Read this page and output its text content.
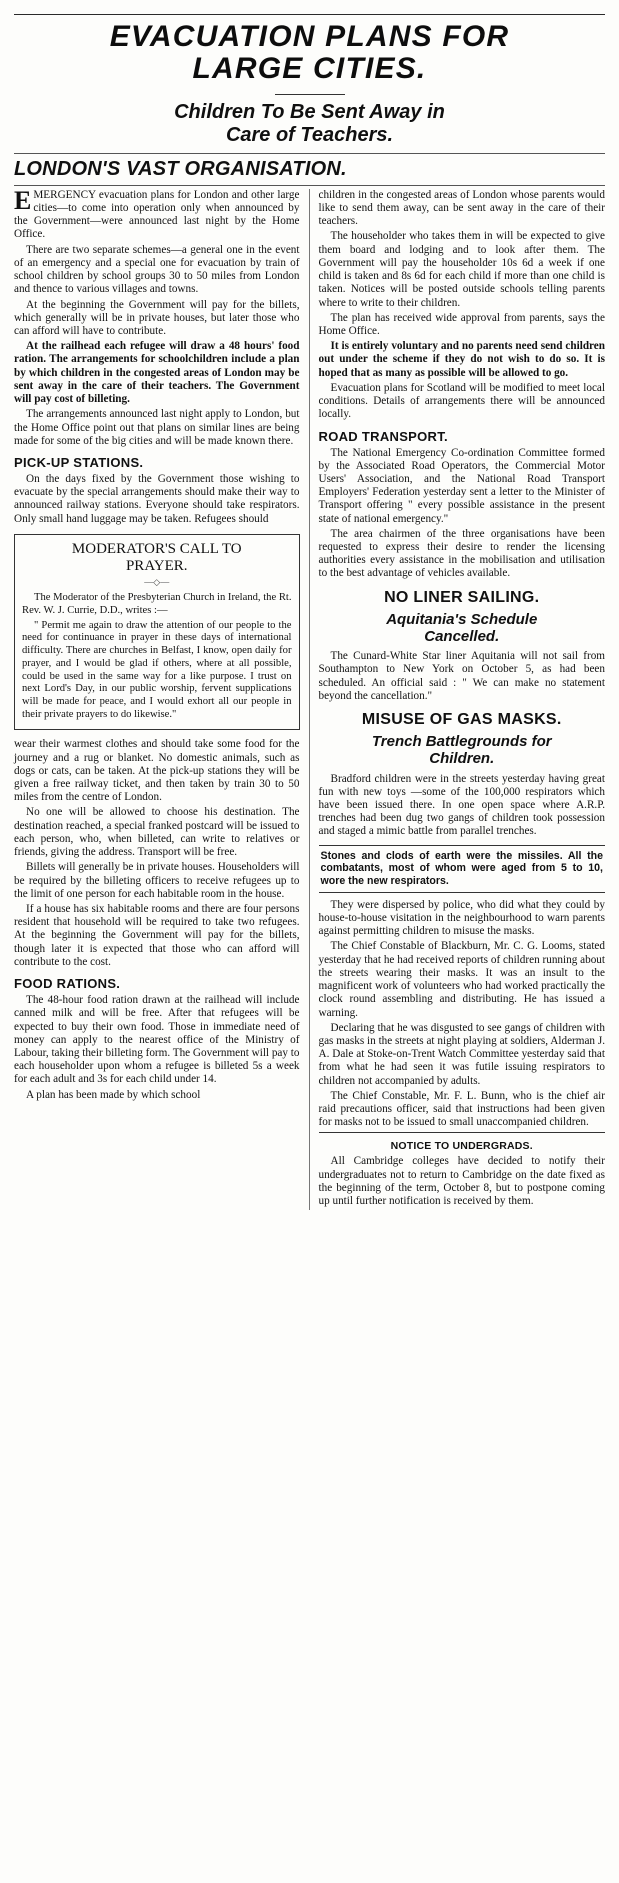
EVACUATION PLANS FOR
LARGE CITIES.
Children To Be Sent Away in
Care of Teachers.
LONDON'S VAST ORGANISATION.

EMERGENCY evacuation plans for London and other large cities—to come into operation only when announced by the Government—were announced last night by the Home Office.

There are two separate schemes—a general one in the event of an emergency and a special one for evacuation by train of school children by school groups 30 to 50 miles from London and thence to various villages and towns.

At the beginning the Government will pay for the billets, which generally will be in private houses, but later those who can afford will have to contribute.

At the railhead each refugee will draw a 48 hours' food ration. The arrangements for schoolchildren include a plan by which children in the congested areas of London may be sent away in the care of their teachers. The Government will pay cost of billeting.

The arrangements announced last night apply to London, but the Home Office point out that plans on similar lines are being made for some of the big cities and will be made known there.

PICK-UP STATIONS.

On the days fixed by the Government those wishing to evacuate by the special arrangements should make their way to announced railway stations. Everyone should take respirators. Only small hand luggage may be taken. Refugees should

MODERATOR'S CALL TO
PRAYER.
—◇—

The Moderator of the Presbyterian Church in Ireland, the Rt. Rev. W. J. Currie, D.D., writes :—

" Permit me again to draw the attention of our people to the need for continuance in prayer in these days of international difficulty. There are churches in Belfast, I know, open daily for prayer, and I would be glad if others, where at all possible, could be used in the same way for a like purpose. I trust on next Lord's Day, in our public worship, fervent supplications will be made for peace, and I would exhort all our people in their private prayers to do likewise."

wear their warmest clothes and should take some food for the journey and a rug or blanket. No domestic animals, such as dogs or cats, can be taken. At the pick-up stations they will be given a free railway ticket, and then taken by train 30 to 50 miles from the centre of London.

No one will be allowed to choose his destination. The destination reached, a special franked postcard will be issued to each person, who, when billeted, can write to relatives or friends, giving the address. Transport will be free.

Billets will generally be in private houses. Householders will be required by the billeting officers to receive refugees up to the limit of one person for each habitable room in the house.

If a house has six habitable rooms and there are four persons resident that household will be required to take two refugees. At the beginning the Government will pay for the billets, though later it is expected that those who can afford will contribute to the cost.

FOOD RATIONS.

The 48-hour food ration drawn at the railhead will include canned milk and will be free. After that refugees will be expected to buy their own food. Those in immediate need of money can apply to the nearest office of the Ministry of Labour, taking their billeting form. The Government will pay to each householder upon whom a refugee is billeted 5s a week for each adult and 3s for each child under 14.

A plan has been made by which school

children in the congested areas of London whose parents would like to send them away, can be sent away in the care of their teachers.

The householder who takes them in will be expected to give them board and lodging and to look after them. The Government will pay the householder 10s 6d a week if one child is taken and 8s 6d for each child if more than one child is taken. Notices will be posted outside schools telling parents where to write to their children.

The plan has received wide approval from parents, says the Home Office.

It is entirely voluntary and no parents need send children out under the scheme if they do not wish to do so. It is hoped that as many as possible will be allowed to go.

Evacuation plans for Scotland will be modified to meet local conditions. Details of arrangements there will be announced locally.

ROAD TRANSPORT.

The National Emergency Co-ordination Committee formed by the Associated Road Operators, the Commercial Motor Users' Association, and the National Road Transport Employers' Federation yesterday sent a letter to the Minister of Transport offering " every possible assistance in the present state of national emergency."

The area chairmen of the three organisations have been requested to express their desire to render the licensing authorities every assistance in the mobilisation and utilisation to the best advantage of vehicles available.

NO LINER SAILING.
Aquitania's Schedule
Cancelled.

The Cunard-White Star liner Aquitania will not sail from Southampton to New York on October 5, as had been scheduled. An official said : " We can make no statement beyond the cancellation."

MISUSE OF GAS MASKS.
Trench Battlegrounds for
Children.

Bradford children were in the streets yesterday having great fun with new toys —some of the 100,000 respirators which have been issued there. In one open space where A.R.P. trenches had been dug two gangs of children took possession and staged a mimic battle from parallel trenches.

Stones and clods of earth were the missiles. All the combatants, most of whom were aged from 5 to 10, wore the new respirators.

They were dispersed by police, who did what they could by house-to-house visitation in the neighbourhood to warn parents against permitting children to misuse the masks.

The Chief Constable of Blackburn, Mr. C. G. Looms, stated yesterday that he had received reports of children running about the streets wearing their masks. It was an insult to the magnificent work of volunteers who had worked practically the clock round assembling and distributing. He has issued a warning.

Declaring that he was disgusted to see gangs of children with gas masks in the streets at night playing at soldiers, Alderman J. A. Dale at Stoke-on-Trent Watch Committee yesterday said that from what he had seen it was futile issuing respirators to children not accompanied by adults.

The Chief Constable, Mr. F. L. Bunn, who is the chief air raid precautions officer, said that instructions had been given for masks not to be issued to small unaccompanied children.

NOTICE TO UNDERGRADS.

All Cambridge colleges have decided to notify their undergraduates not to return to Cambridge on the date fixed as the beginning of the term, October 8, but to postpone coming up until further notification is received by them.
